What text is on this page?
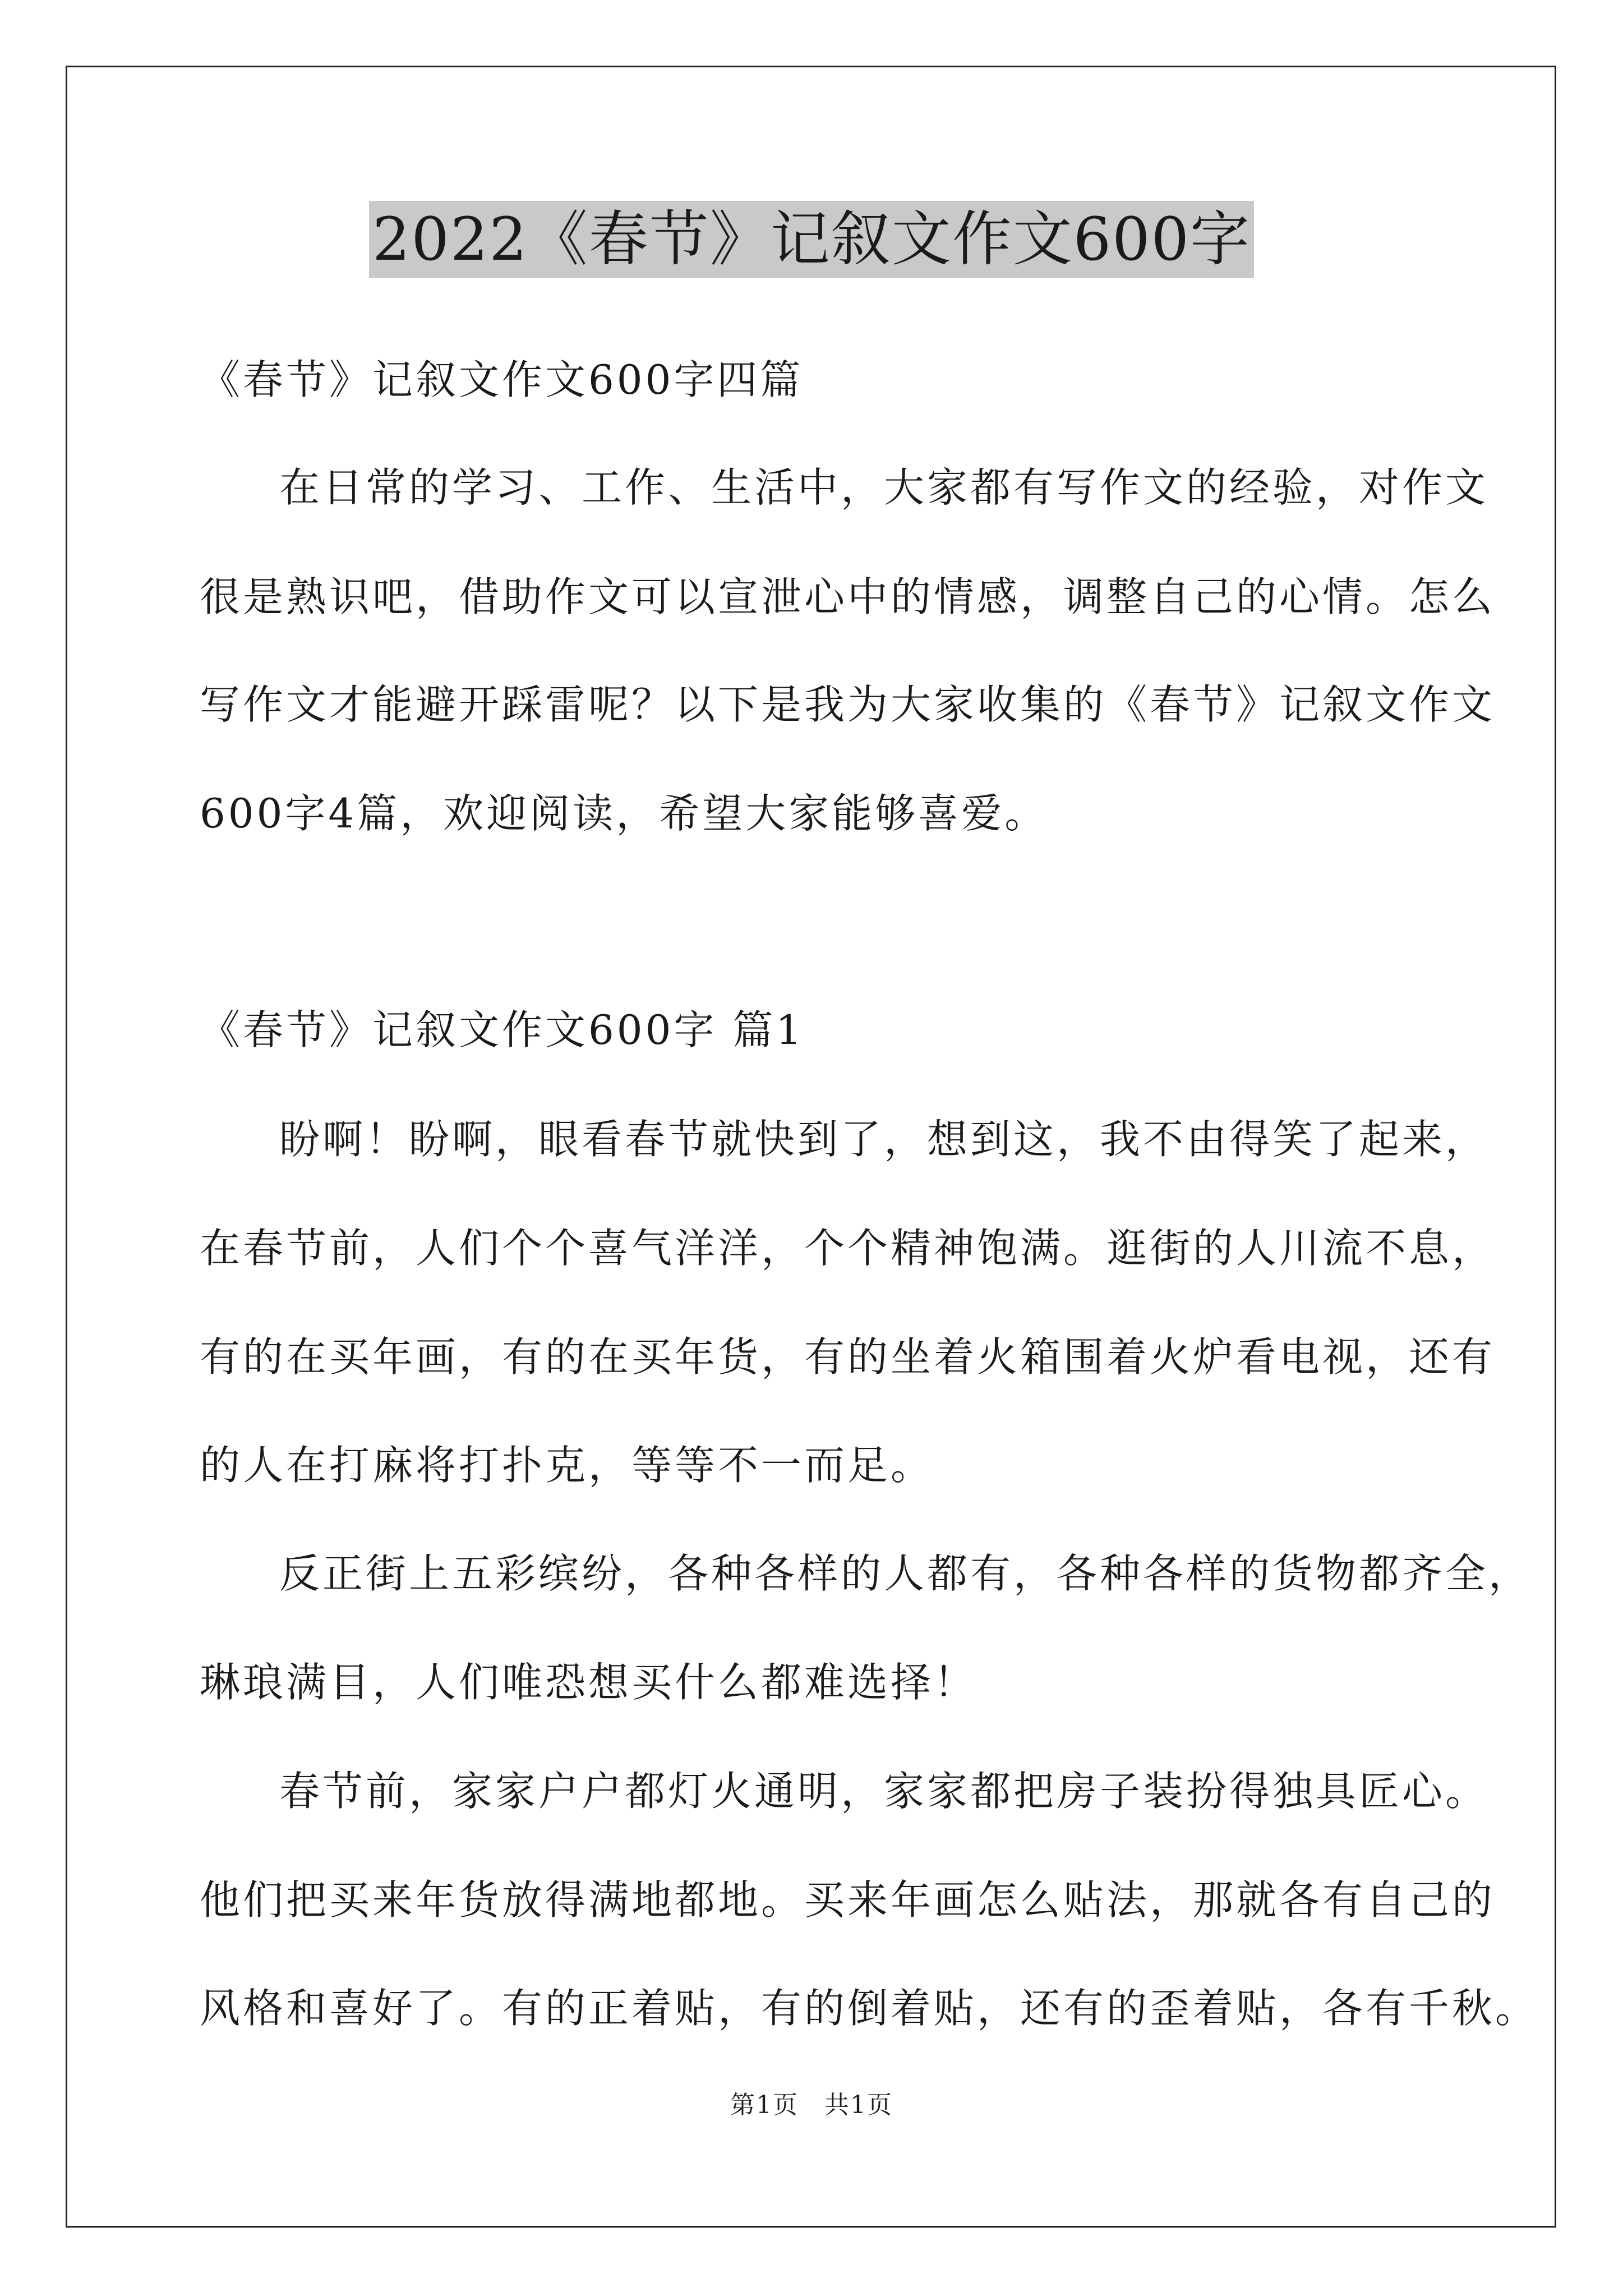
2022《春节》记叙文作文600字
《春节》记叙文作文600字四篇
在日常的学习、工作、生活中，大家都有写作文的经验，对作文
很是熟识吧，借助作文可以宣泄心中的情感，调整自己的心情。怎么
写作文才能避开踩雷呢？以下是我为大家收集的《春节》记叙文作文
600字4篇，欢迎阅读，希望大家能够喜爱。
《春节》记叙文作文600字 篇1
盼啊！盼啊，眼看春节就快到了，想到这，我不由得笑了起来，
在春节前，人们个个喜气洋洋，个个精神饱满。逛街的人川流不息，
有的在买年画，有的在买年货，有的坐着火箱围着火炉看电视，还有
的人在打麻将打扑克，等等不一而足。
反正街上五彩缤纷，各种各样的人都有，各种各样的货物都齐全，
琳琅满目，人们唯恐想买什么都难选择！
春节前，家家户户都灯火通明，家家都把房子装扮得独具匠心。
他们把买来年货放得满地都地。买来年画怎么贴法，那就各有自己的
风格和喜好了。有的正着贴，有的倒着贴，还有的歪着贴，各有千秋。
第1页　共1页
